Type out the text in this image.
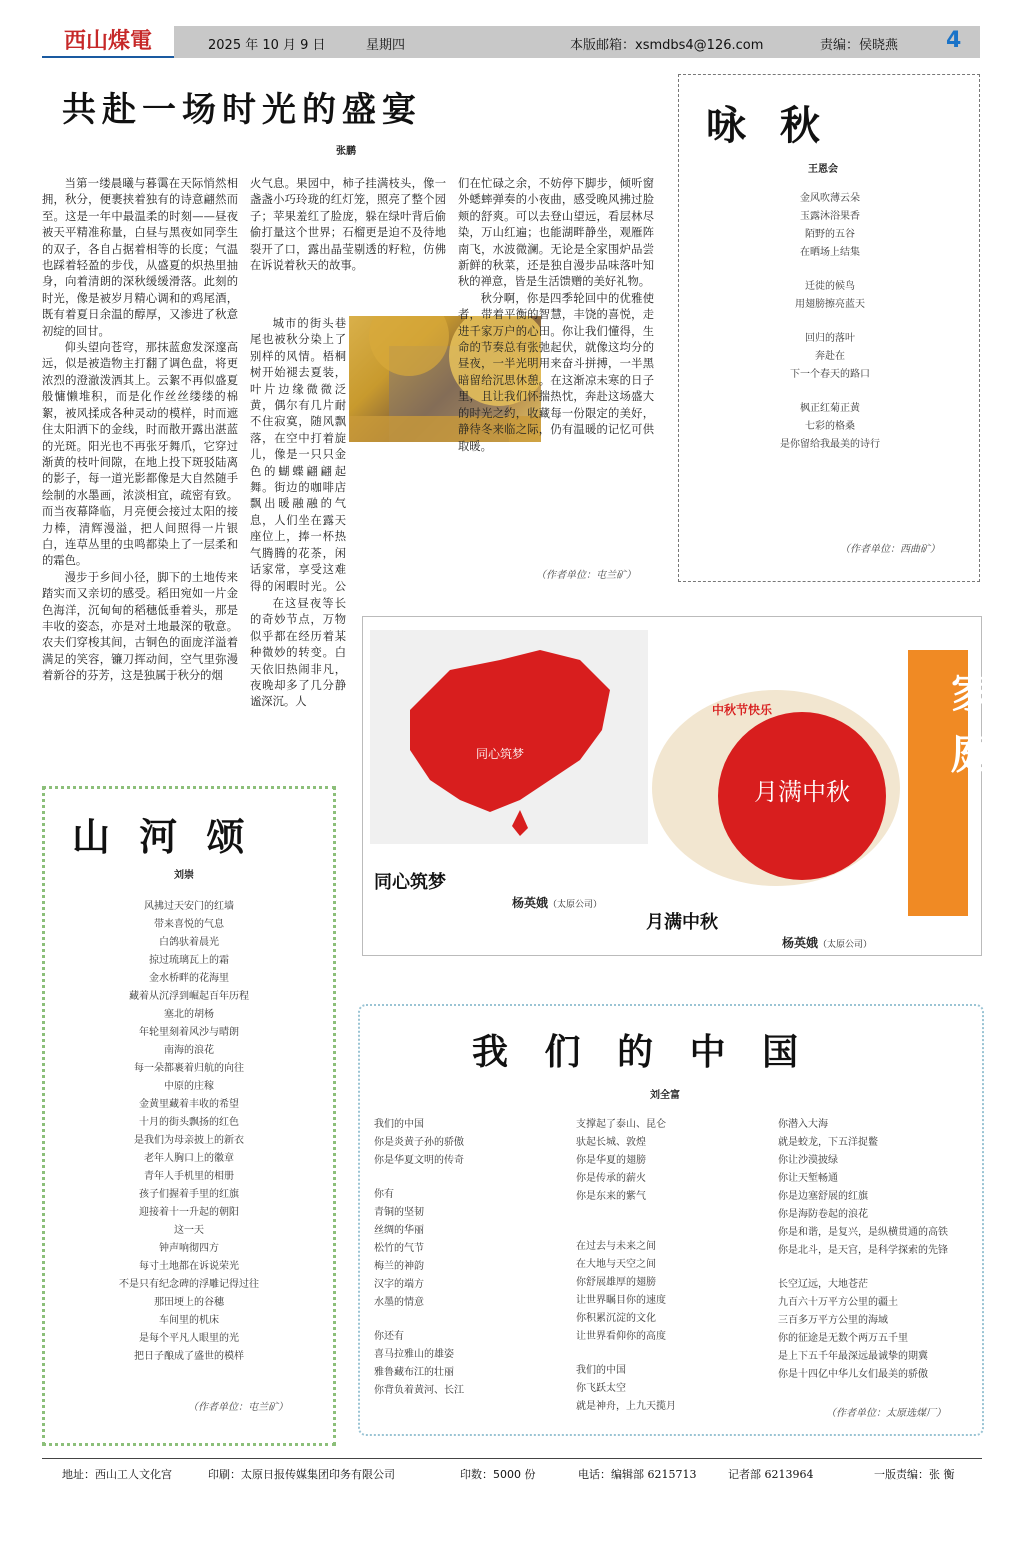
西山煤電	2025 年 10 月 9 日	星期四	本版邮箱：xsmdbs4@126.com	责编：侯晓燕 4
共赴一场时光的盛宴
张鹏

当第一缕晨曦与暮霭在天际悄然相拥，秋分，便裹挟着独有的诗意翩然而至。这是一年中最温柔的时刻——昼夜被天平精准称量，白昼与黑夜如同孪生的双子，各自占据着相等的长度；气温也踩着轻盈的步伐，从盛夏的炽热里抽身，向着清朗的深秋缓缓滑落。此刻的时光，像是被岁月精心调和的鸡尾酒，既有着夏日余温的醇厚，又渗进了秋意初绽的回甘。

仰头望向苍穹，那抹蓝愈发深邃高远，似是被造物主打翻了调色盘，将更浓烈的澄澈泼洒其上。云絮不再似盛夏般慵懒堆积，而是化作丝丝缕缕的棉絮，被风揉成各种灵动的模样，时而遮住太阳洒下的金线，时而散开露出湛蓝的光斑。阳光也不再张牙舞爪，它穿过渐黄的枝叶间隙，在地上投下斑驳陆离的影子，每一道光影都像是大自然随手绘制的水墨画，浓淡相宜，疏密有致。而当夜幕降临，月亮便会接过太阳的接力棒，清辉漫溢，把人间照得一片银白，连草丛里的虫鸣都染上了一层柔和的霜色。

漫步于乡间小径，脚下的土地传来踏实而又亲切的感受。稻田宛如一片金色海洋，沉甸甸的稻穗低垂着头，那是丰收的姿态，亦是对土地最深的敬意。农夫们穿梭其间，古铜色的面庞洋溢着满足的笑容，镰刀挥动间，空气里弥漫着新谷的芬芳，这是独属于秋分的烟

火气息。果园中，柿子挂满枝头，像一盏盏小巧玲珑的红灯笼，照亮了整个园子；苹果羞红了脸庞，躲在绿叶背后偷偷打量这个世界；石榴更是迫不及待地裂开了口，露出晶莹剔透的籽粒，仿佛在诉说着秋天的故事。

城市的街头巷尾也被秋分染上了别样的风情。梧桐树开始褪去夏装，叶片边缘微微泛黄，偶尔有几片耐不住寂寞，随风飘落，在空中打着旋儿，像是一只只金色的蝴蝶翩翩起舞。街边的咖啡店飘出暖融融的气息，人们坐在露天座位上，捧一杯热气腾腾的花茶，闲话家常，享受这难得的闲暇时光。公

在这昼夜等长的奇妙节点，万物似乎都在经历着某种微妙的转变。白天依旧热闹非凡，夜晚却多了几分静谧深沉。人

们在忙碌之余，不妨停下脚步，倾听窗外蟋蟀弹奏的小夜曲，感受晚风拂过脸颊的舒爽。可以去登山望远，看层林尽染，万山红遍；也能湖畔静坐，观雁阵南飞，水波微澜。无论是全家围炉品尝新鲜的秋菜，还是独自漫步品味落叶知秋的禅意，皆是生活馈赠的美好礼物。

秋分啊，你是四季轮回中的优雅使者，带着平衡的智慧，丰饶的喜悦，走进千家万户的心田。你让我们懂得，生命的节奏总有张弛起伏，就像这均分的昼夜，一半光明用来奋斗拼搏，一半黑暗留给沉思休憩。在这渐凉未寒的日子里，且让我们怀揣热忱，奔赴这场盛大的时光之约，收藏每一份限定的美好，静待冬来临之际，仍有温暖的记忆可供取暖。

（作者单位：屯兰矿）
咏 秋
王恩会
金风吹薄云朵
玉露沐浴果香
陌野的五谷
在晒场上结集
迁徙的候鸟
用翅膀擦亮蓝天
回归的落叶
奔赴在
下一个春天的路口
枫正红菊正黄
七彩的格桑
是你留给我最美的诗行
（作者单位：西曲矿）
同心筑梦
同心筑梦
杨英娥（太原公司）
中秋节快乐
月满中秋
月满中秋
杨英娥（太原公司）
家 庭
山 河 颂
刘崇
风拂过天安门的红墙
带来喜悦的气息
白鸽驮着晨光
掠过琉璃瓦上的霜
金水桥畔的花海里
藏着从沉浮到崛起百年历程
塞北的胡杨
年轮里刻着风沙与晴朗
南海的浪花
每一朵都裹着归航的向往
中原的庄稼
金黄里藏着丰收的希望
十月的街头飘扬的红色
是我们为母亲披上的新衣
老年人胸口上的徽章
青年人手机里的相册
孩子们握着手里的红旗
迎接着十一升起的朝阳
这一天
钟声响彻四方
每寸土地都在诉说荣光
不是只有纪念碑的浮雕记得过往
那田埂上的谷穗
车间里的机床
是每个平凡人眼里的光
把日子酿成了盛世的模样
（作者单位：屯兰矿）
我 们 的 中 国
刘全富
我们的中国
你是炎黄子孙的骄傲
你是华夏文明的传奇
你有
青铜的坚韧
丝绸的华丽
松竹的气节
梅兰的神韵
汉字的端方
水墨的情意
你还有
喜马拉雅山的雄姿
雅鲁藏布江的壮丽
你背负着黄河、长江
支撑起了泰山、昆仑
驮起长城、敦煌
你是华夏的翅膀
你是传承的薪火
你是东来的紫气
在过去与未来之间
在大地与天空之间
你舒展雄厚的翅膀
让世界瞩目你的速度
你积累沉淀的文化
让世界看仰你的高度
我们的中国
你飞跃太空
就是神舟，上九天揽月
你潜入大海
就是蛟龙，下五洋捉鳖
你让沙漠披绿
你让天堑畅通
你是边塞舒展的红旗
你是海防卷起的浪花
你是和谐，是复兴，是纵横贯通的高铁
你是北斗，是天宫，是科学探索的先锋
长空辽远，大地苍茫
九百六十万平方公里的疆土
三百多万平方公里的海域
你的征途是无数个两万五千里
是上下五千年最深远最诚挚的期冀
你是十四亿中华儿女们最美的骄傲
（作者单位：太原选煤厂）
地址：西山工人文化宫	印刷：太原日报传媒集团印务有限公司	印数：5000 份	电话：编辑部 6215713	记者部 6213964	一版责编：张 衡
